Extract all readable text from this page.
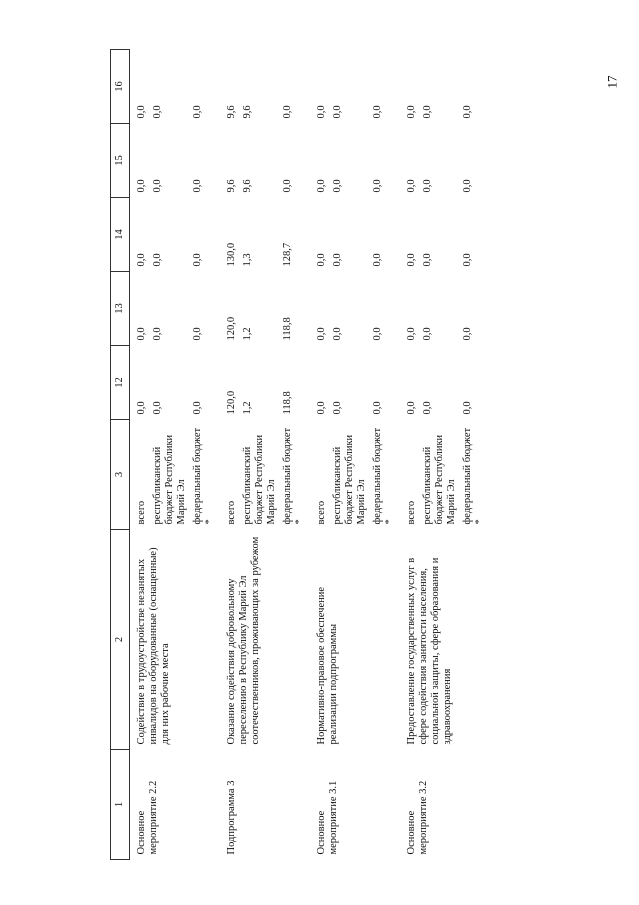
17
1	2	3	12	13	14	15	16
Основное мероприятие 2.2	Содействие в трудоустройстве незанятых инвалидов на оборудованные (оснащенные) для них рабочие места	всего	0,0	0,0	0,0	0,0	0,0
		республиканский бюджет Республики Марий Эл	0,0	0,0	0,0	0,0	0,0
		федеральный бюджет *	0,0	0,0	0,0	0,0	0,0
Подпрограмма 3	Оказание содействия добровольному переселению в Республику Марий Эл соотечественников, проживающих за рубежом	всего	120,0	120,0	130,0	9,6	9,6
		республиканский бюджет Республики Марий Эл	1,2	1,2	1,3	9,6	9,6
		федеральный бюджет *	118,8	118,8	128,7	0,0	0,0
Основное мероприятие 3.1	Нормативно-правовое обеспечение реализации подпрограммы	всего	0,0	0,0	0,0	0,0	0,0
		республиканский бюджет Республики Марий Эл	0,0	0,0	0,0	0,0	0,0
		федеральный бюджет *	0,0	0,0	0,0	0,0	0,0
Основное мероприятие 3.2	Предоставление государственных услуг в сфере содействия занятости населения, социальной защиты, сфере образования и здравоохранения	всего	0,0	0,0	0,0	0,0	0,0
		республиканский бюджет Республики Марий Эл	0,0	0,0	0,0	0,0	0,0
		федеральный бюджет *	0,0	0,0	0,0	0,0	0,0
